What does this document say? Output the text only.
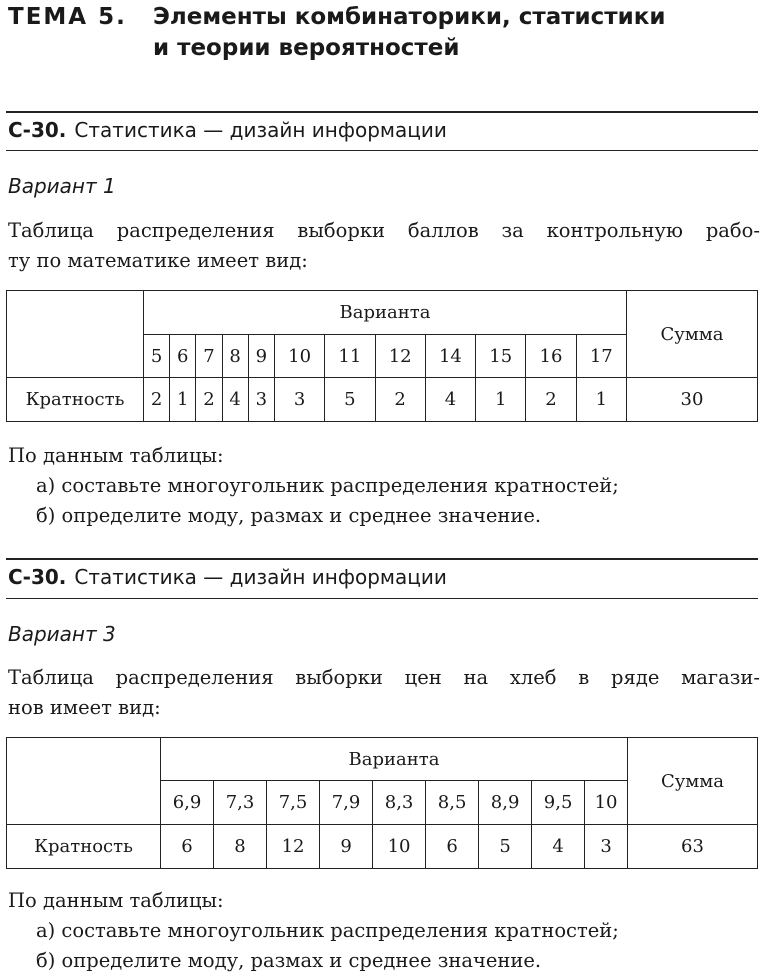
ТЕМА 5. Элементы комбинаторики, статистики
и теории вероятностей
С-30. Статистика — дизайн информации
Вариант 1
Таблица распределения выборки баллов за контрольную рабо-
ту по математике имеет вид:
	Варианта												Сумма
	5	6	7	8	9	10	11	12	14	15	16	17	
Кратность	2	1	2	4	3	3	5	2	4	1	2	1	30
По данным таблицы:
а) составьте многоугольник распределения кратностей;
б) определите моду, размах и среднее значение.
С-30. Статистика — дизайн информации
Вариант 3
Таблица распределения выборки цен на хлеб в ряде магази-
нов имеет вид:
	Варианта									Сумма
	6,9	7,3	7,5	7,9	8,3	8,5	8,9	9,5	10	
Кратность	6	8	12	9	10	6	5	4	3	63
По данным таблицы:
а) составьте многоугольник распределения кратностей;
б) определите моду, размах и среднее значение.
